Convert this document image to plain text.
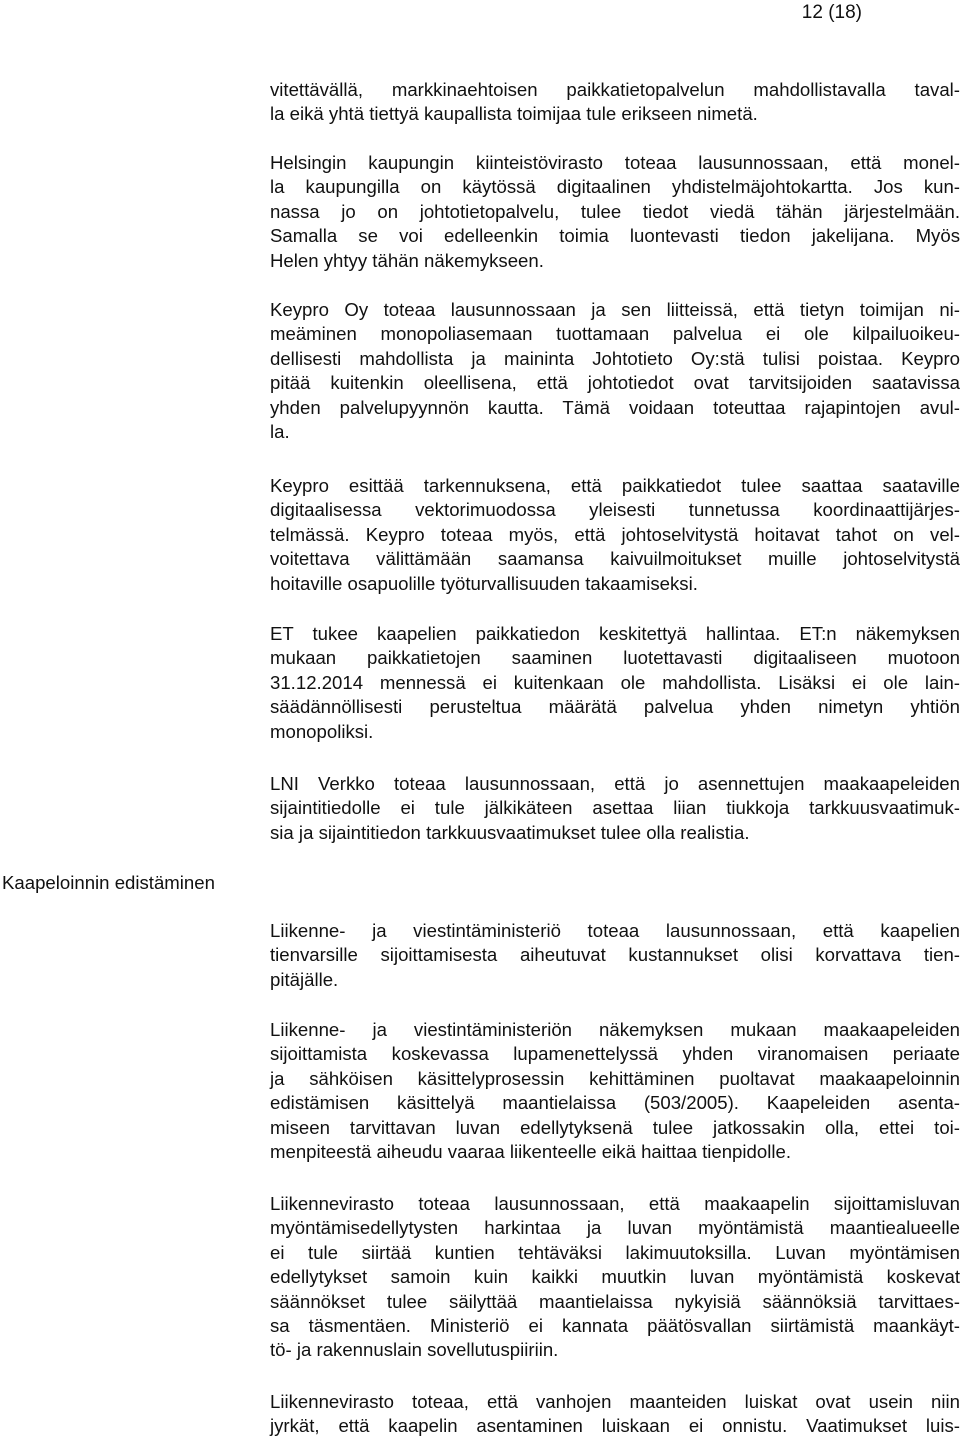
12 (18)
Kaapeloinnin edistäminen
vitettävällä, markkinaehtoisen paikkatietopalvelun mahdollistavalla taval-
la eikä yhtä tiettyä kaupallista toimijaa tule erikseen nimetä.
Helsingin kaupungin kiinteistövirasto toteaa lausunnossaan, että monel-
la kaupungilla on käytössä digitaalinen yhdistelmäjohtokartta. Jos kun-
nassa jo on johtotietopalvelu, tulee tiedot viedä tähän järjestelmään.
Samalla se voi edelleenkin toimia luontevasti tiedon jakelijana. Myös
Helen yhtyy tähän näkemykseen.
Keypro Oy toteaa lausunnossaan ja sen liitteissä, että tietyn toimijan ni-
meäminen monopoliasemaan tuottamaan palvelua ei ole kilpailuoikeu-
dellisesti mahdollista ja maininta Johtotieto Oy:stä tulisi poistaa. Keypro
pitää kuitenkin oleellisena, että johtotiedot ovat tarvitsijoiden saatavissa
yhden palvelupyynnön kautta. Tämä voidaan toteuttaa rajapintojen avul-
la.
Keypro esittää tarkennuksena, että paikkatiedot tulee saattaa saataville
digitaalisessa vektorimuodossa yleisesti tunnetussa koordinaattijärjes-
telmässä. Keypro toteaa myös, että johtoselvitystä hoitavat tahot on vel-
voitettava välittämään saamansa kaivuilmoitukset muille johtoselvitystä
hoitaville osapuolille työturvallisuuden takaamiseksi.
ET tukee kaapelien paikkatiedon keskitettyä hallintaa. ET:n näkemyksen
mukaan paikkatietojen saaminen luotettavasti digitaaliseen muotoon
31.12.2014 mennessä ei kuitenkaan ole mahdollista. Lisäksi ei ole lain-
säädännöllisesti perusteltua määrätä palvelua yhden nimetyn yhtiön
monopoliksi.
LNI Verkko toteaa lausunnossaan, että jo asennettujen maakaapeleiden
sijaintitiedolle ei tule jälkikäteen asettaa liian tiukkoja tarkkuusvaatimuk-
sia ja sijaintitiedon tarkkuusvaatimukset tulee olla realistia.
Liikenne- ja viestintäministeriö toteaa lausunnossaan, että kaapelien
tienvarsille sijoittamisesta aiheutuvat kustannukset olisi korvattava tien-
pitäjälle.
Liikenne- ja viestintäministeriön näkemyksen mukaan maakaapeleiden
sijoittamista koskevassa lupamenettelyssä yhden viranomaisen periaate
ja sähköisen käsittelyprosessin kehittäminen puoltavat maakaapeloinnin
edistämisen käsittelyä maantielaissa (503/2005). Kaapeleiden asenta-
miseen tarvittavan luvan edellytyksenä tulee jatkossakin olla, ettei toi-
menpiteestä aiheudu vaaraa liikenteelle eikä haittaa tienpidolle.
Liikennevirasto toteaa lausunnossaan, että maakaapelin sijoittamisluvan
myöntämisedellytysten harkintaa ja luvan myöntämistä maantiealueelle
ei tule siirtää kuntien tehtäväksi lakimuutoksilla. Luvan myöntämisen
edellytykset samoin kuin kaikki muutkin luvan myöntämistä koskevat
säännökset tulee säilyttää maantielaissa nykyisiä säännöksiä tarvittaes-
sa täsmentäen. Ministeriö ei kannata päätösvallan siirtämistä maankäyt-
tö- ja rakennuslain sovellutuspiiriin.
Liikennevirasto toteaa, että vanhojen maanteiden luiskat ovat usein niin
jyrkät, että kaapelin asentaminen luiskaan ei onnistu. Vaatimukset luis-
